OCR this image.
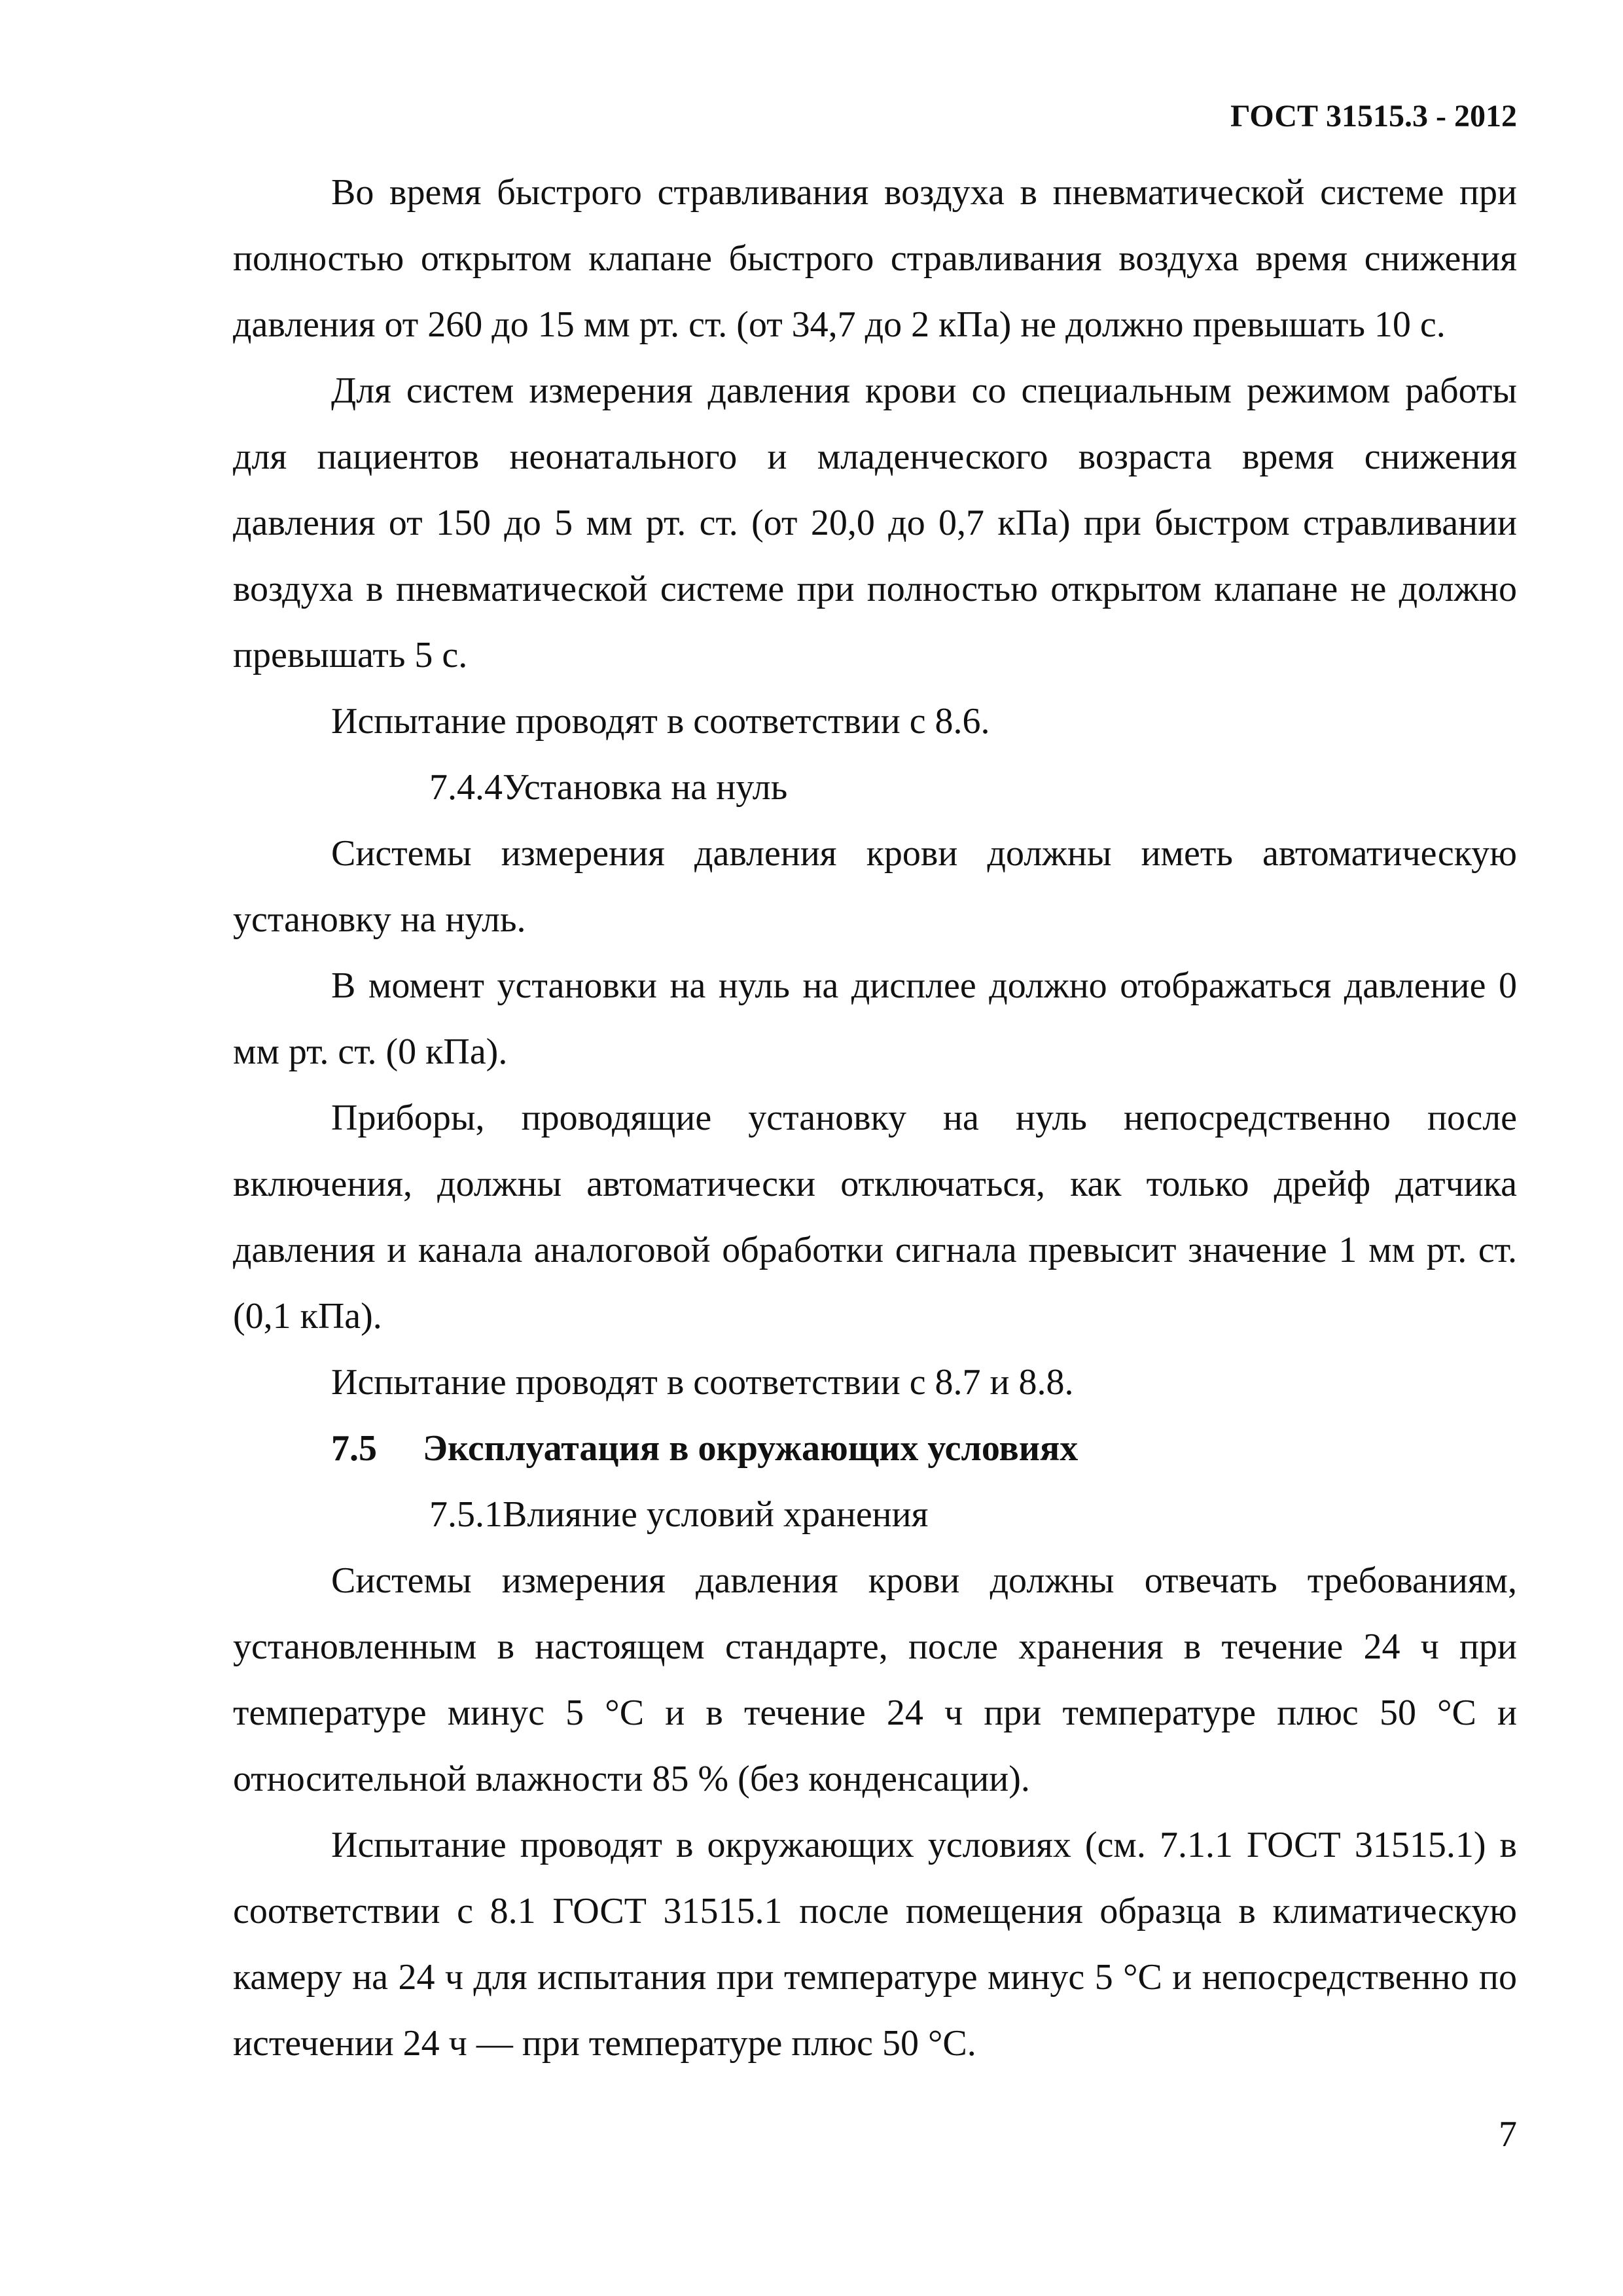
ГОСТ 31515.3 - 2012

Во время быстрого стравливания воздуха в пневматической системе при полностью открытом клапане быстрого стравливания воздуха время снижения давления от 260 до 15 мм рт. ст. (от 34,7 до 2 кПа) не должно превышать 10 с.

Для систем измерения давления крови со специальным режимом работы для пациентов неонатального и младенческого возраста время снижения давления от 150 до 5 мм рт. ст. (от 20,0 до 0,7 кПа) при быстром стравливании воздуха в пневматической системе при полностью открытом клапане не должно превышать 5 с.

Испытание проводят в соответствии с 8.6.

7.4.4Установка на нуль

Системы измерения давления крови должны иметь автоматическую установку на нуль.

В момент установки на нуль на дисплее должно отображаться давление 0 мм рт. ст. (0 кПа).

Приборы, проводящие установку на нуль непосредственно после включения, должны автоматически отключаться, как только дрейф датчика давления и канала аналоговой обработки сигнала превысит значение 1 мм рт. ст. (0,1 кПа).

Испытание проводят в соответствии с 8.7 и 8.8.

7.5 Эксплуатация в окружающих условиях

7.5.1Влияние условий хранения

Системы измерения давления крови должны отвечать требованиям, установленным в настоящем стандарте, после хранения в течение 24 ч при температуре минус 5 °С и в течение 24 ч при температуре плюс 50 °С и относительной влажности 85 % (без конденсации).

Испытание проводят в окружающих условиях (см. 7.1.1 ГОСТ 31515.1) в соответствии с 8.1 ГОСТ 31515.1 после помещения образца в климатическую камеру на 24 ч для испытания при температуре минус 5 °С и непосредственно по истечении 24 ч — при температуре плюс 50 °С.

7
